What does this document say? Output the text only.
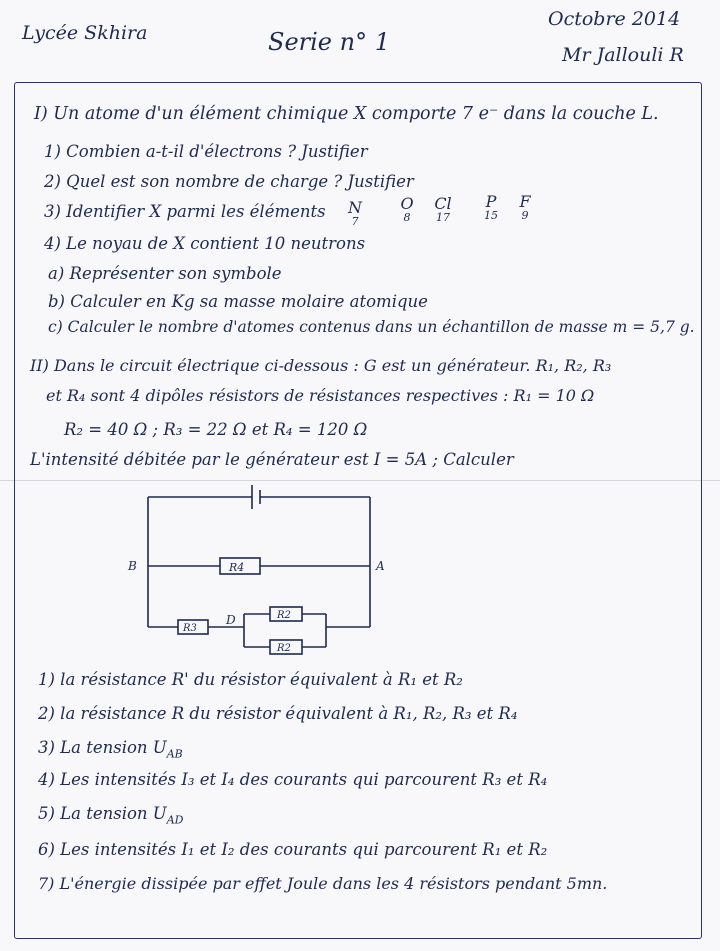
Lycée Skhira	Serie n° 1
Octobre 2014
Mr Jallouli R
I) Un atome d'un élément chimique X comporte 7 e⁻ dans la couche L.
1) Combien a-t-il d'électrons ? Justifier
2) Quel est son nombre de charge ? Justifier
3) Identifier X parmi les éléments	N
7
O
8
Cl
17
P
15
F
9
4) Le noyau de X contient 10 neutrons
a) Représenter son symbole
b) Calculer en Kg sa masse molaire atomique
c) Calculer le nombre d'atomes contenus dans un échantillon de masse m = 5,7 g.
II) Dans le circuit électrique ci-dessous : G est un générateur. R₁, R₂, R₃
et R₄ sont 4 dipôles résistors de résistances respectives : R₁ = 10 Ω
R₂ = 40 Ω ; R₃ = 22 Ω et R₄ = 120 Ω
L'intensité débitée par le générateur est I = 5A ; Calculer
B	A
D
R4
R3
R2
R2
1) la résistance R' du résistor équivalent à R₁ et R₂
2) la résistance R du résistor équivalent à R₁, R₂, R₃ et R₄
3) La tension $U_{AB}$
4) Les intensités I₃ et I₄ des courants qui parcourent R₃ et R₄
5) La tension $U_{AD}$
6) Les intensités I₁ et I₂ des courants qui parcourent R₁ et R₂
7) L'énergie dissipée par effet Joule dans les 4 résistors pendant 5mn.
